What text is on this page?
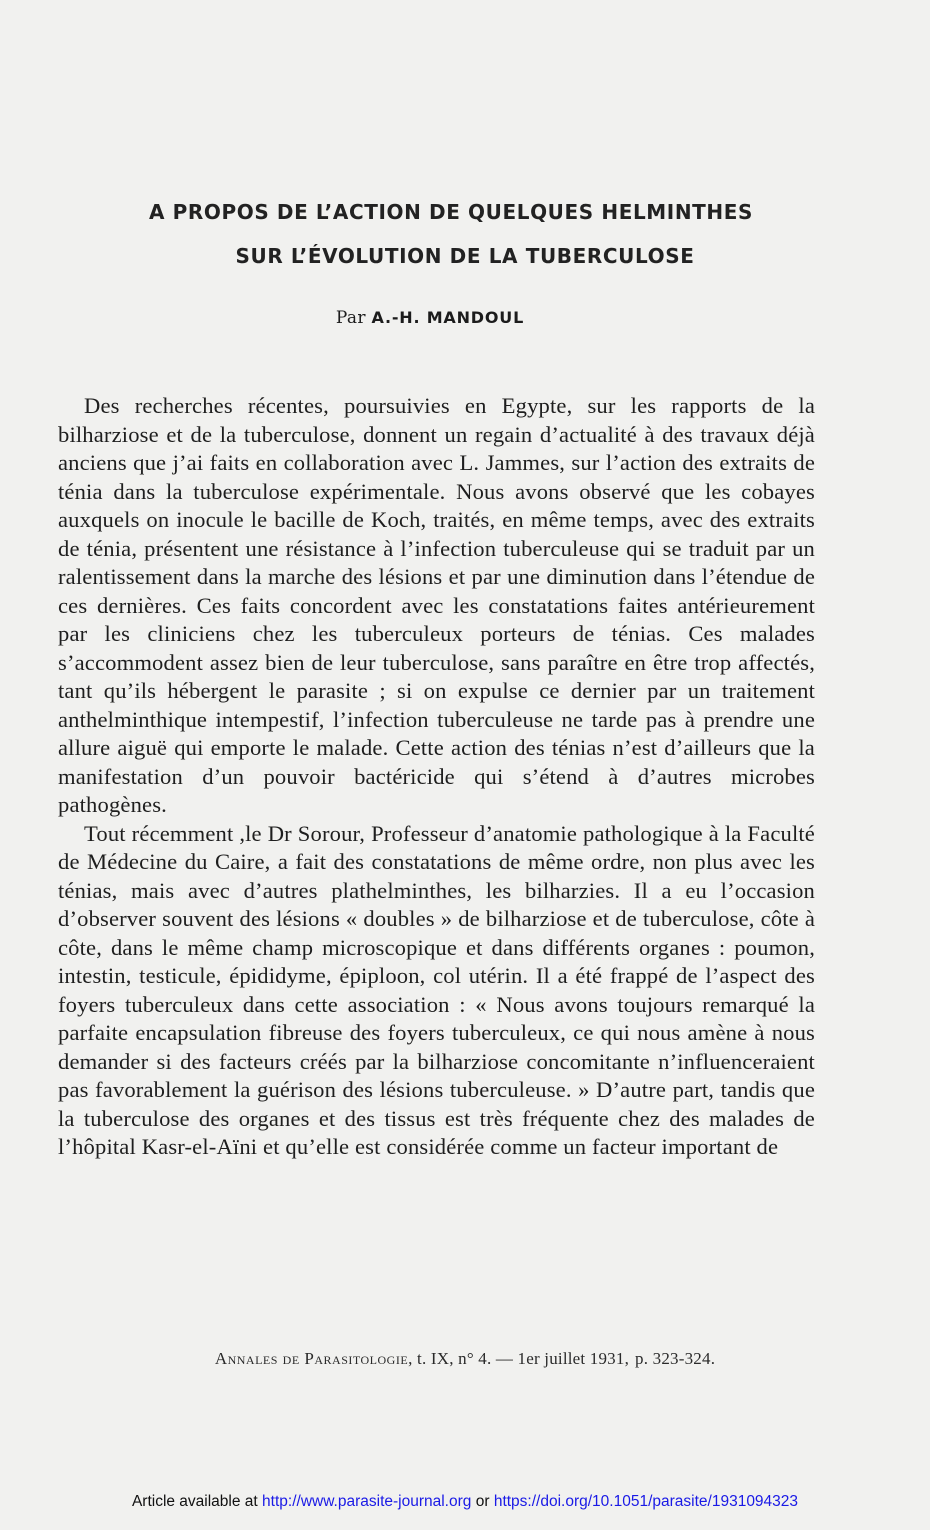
A PROPOS DE L’ACTION DE QUELQUES HELMINTHES
SUR L’ÉVOLUTION DE LA TUBERCULOSE
Par A.-H. MANDOUL

Des recherches récentes, poursuivies en Egypte, sur les rapports de la bilharziose et de la tuberculose, donnent un regain d’actualité à des travaux déjà anciens que j’ai faits en collaboration avec L. Jammes, sur l’action des extraits de ténia dans la tuberculose expérimentale. Nous avons observé que les cobayes auxquels on inocule le bacille de Koch, traités, en même temps, avec des extraits de ténia, présentent une résistance à l’infection tuberculeuse qui se traduit par un ralentissement dans la marche des lésions et par une diminution dans l’étendue de ces dernières. Ces faits concordent avec les constatations faites antérieurement par les cliniciens chez les tuberculeux porteurs de ténias. Ces malades s’accommodent assez bien de leur tuberculose, sans paraître en être trop affectés, tant qu’ils hébergent le parasite ; si on expulse ce dernier par un traitement anthelminthique intempestif, l’infection tuberculeuse ne tarde pas à prendre une allure aiguë qui emporte le malade. Cette action des ténias n’est d’ailleurs que la manifestation d’un pouvoir bactéricide qui s’étend à d’autres microbes pathogènes.

Tout récemment ,le Dr Sorour, Professeur d’anatomie pathologique à la Faculté de Médecine du Caire, a fait des constatations de même ordre, non plus avec les ténias, mais avec d’autres plathelminthes, les bilharzies. Il a eu l’occasion d’observer souvent des lésions « doubles » de bilharziose et de tuberculose, côte à côte, dans le même champ microscopique et dans différents organes : poumon, intestin, testicule, épididyme, épiploon, col utérin. Il a été frappé de l’aspect des foyers tuberculeux dans cette association : « Nous avons toujours remarqué la parfaite encapsulation fibreuse des foyers tuberculeux, ce qui nous amène à nous demander si des facteurs créés par la bilharziose concomitante n’influenceraient pas favorablement la guérison des lésions tuberculeuse. » D’autre part, tandis que la tuberculose des organes et des tissus est très fréquente chez des malades de l’hôpital Kasr-el-Aïni et qu’elle est considérée comme un facteur important de

Annales de Parasitologie, t. IX, n° 4. — 1er juillet 1931, p. 323-324.
Article available at http://www.parasite-journal.org or https://doi.org/10.1051/parasite/1931094323
